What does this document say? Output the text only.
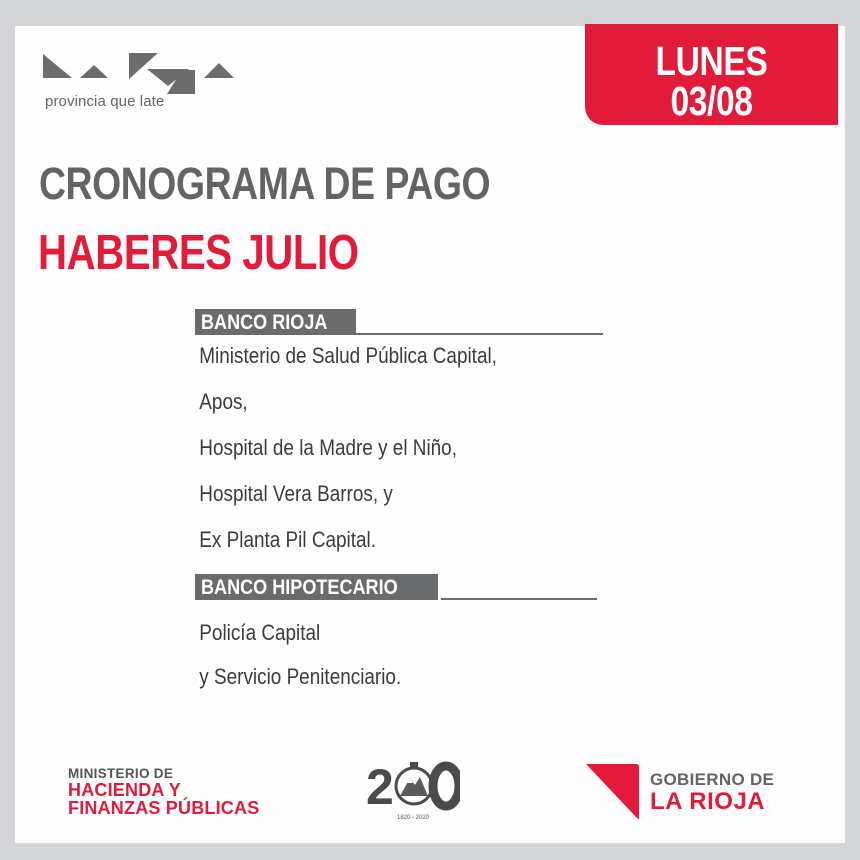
provincia que late
LUNES
03/08
CRONOGRAMA DE PAGO
HABERES JULIO
BANCO RIOJA
Ministerio de Salud Pública Capital,
Apos,
Hospital de la Madre y el Niño,
Hospital Vera Barros, y
Ex Planta Pil Capital.
BANCO HIPOTECARIO
Policía Capital
y Servicio Penitenciario.
MINISTERIO DE
HACIENDA Y
FINANZAS PÚBLICAS 2
1820 - 2020
GOBIERNO DE
LA RIOJA
